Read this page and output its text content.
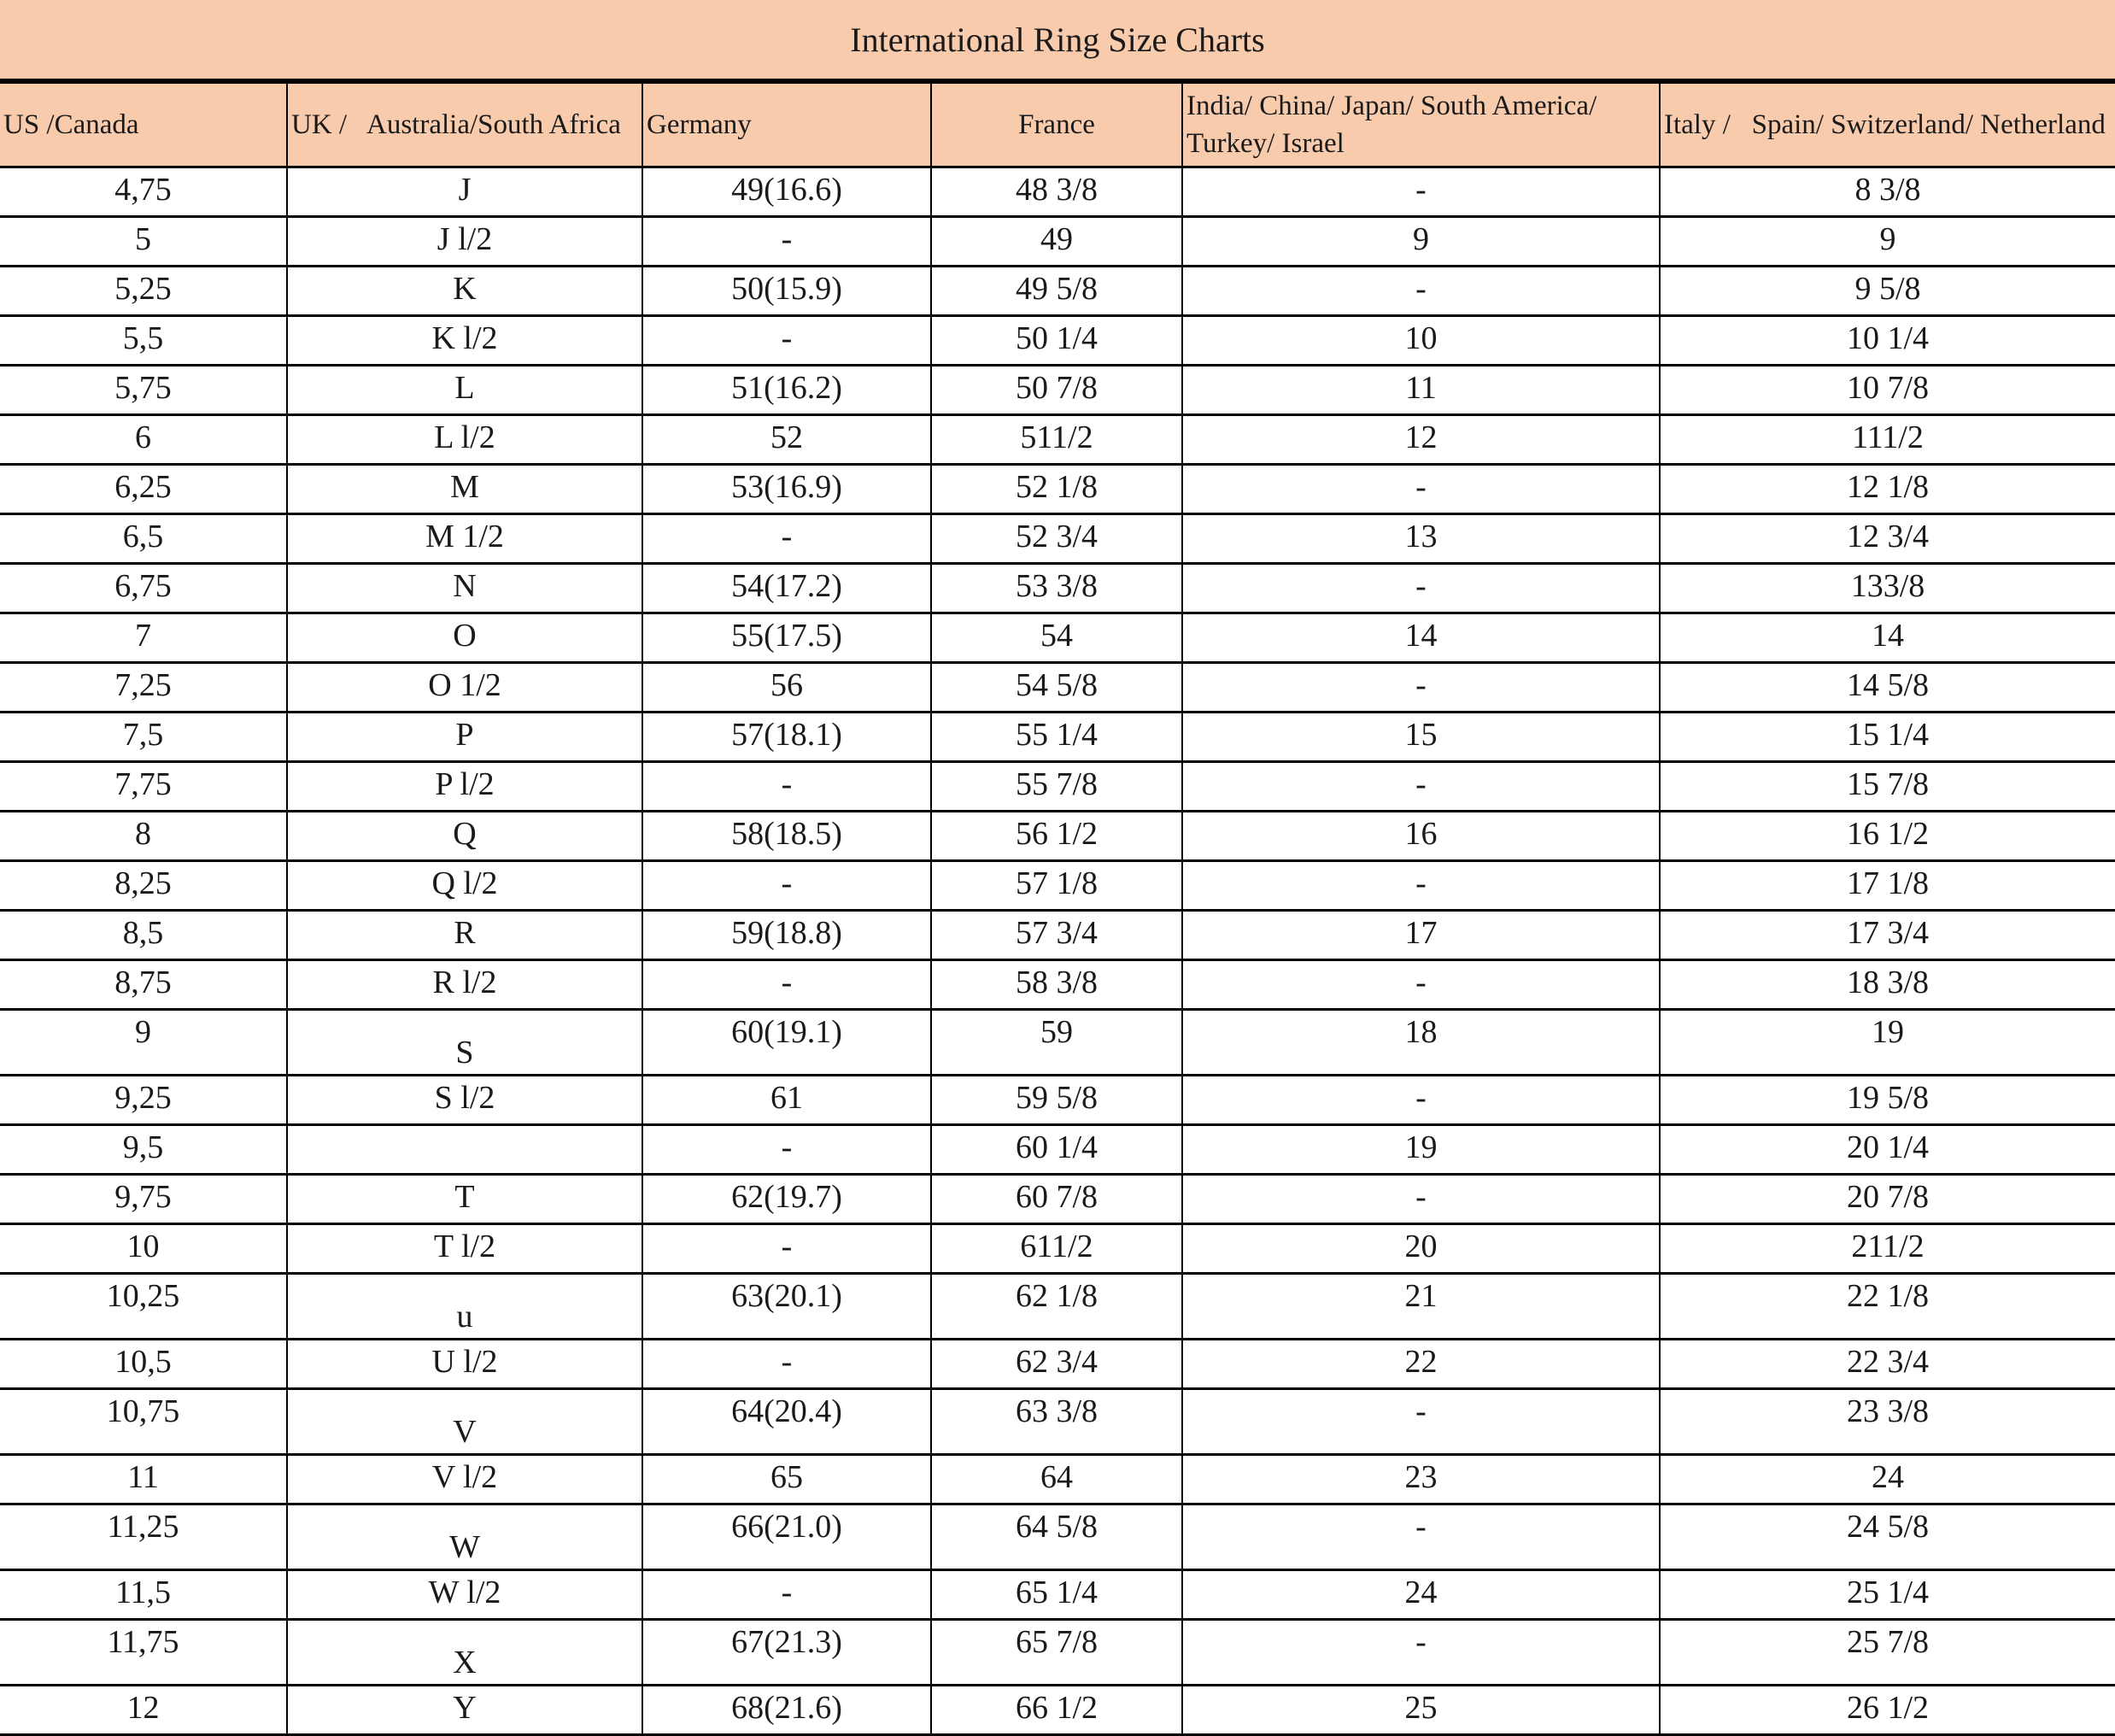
International Ring Size Charts
US /Canada	UK /   Australia/South Africa	Germany	France	India/ China/ Japan/ South America/ Turkey/ Israel	Italy /   Spain/ Switzerland/ Netherland
4,75	J	49(16.6)	48 3/8	-	8 3/8
5	J l/2	-	49	9	9
5,25	K	50(15.9)	49 5/8	-	9 5/8
5,5	K l/2	-	50 1/4	10	10 1/4
5,75	L	51(16.2)	50 7/8	11	10 7/8
6	L l/2	52	511/2	12	111/2
6,25	M	53(16.9)	52 1/8	-	12 1/8
6,5	M 1/2	-	52 3/4	13	12 3/4
6,75	N	54(17.2)	53 3/8	-	133/8
7	O	55(17.5)	54	14	14
7,25	O 1/2	56	54 5/8	-	14 5/8
7,5	P	57(18.1)	55 1/4	15	15 1/4
7,75	P l/2	-	55 7/8	-	15 7/8
8	Q	58(18.5)	56 1/2	16	16 1/2
8,25	Q l/2	-	57 1/8	-	17 1/8
8,5	R	59(18.8)	57 3/4	17	17 3/4
8,75	R l/2	-	58 3/8	-	18 3/8
9	S	60(19.1)	59	18	19
9,25	S l/2	61	59 5/8	-	19 5/8
9,5		-	60 1/4	19	20 1/4
9,75	T	62(19.7)	60 7/8	-	20 7/8
10	T l/2	-	611/2	20	211/2
10,25	u	63(20.1)	62 1/8	21	22 1/8
10,5	U l/2	-	62 3/4	22	22 3/4
10,75	V	64(20.4)	63 3/8	-	23 3/8
11	V l/2	65	64	23	24
11,25	W	66(21.0)	64 5/8	-	24 5/8
11,5	W l/2	-	65 1/4	24	25 1/4
11,75	X	67(21.3)	65 7/8	-	25 7/8
12	Y	68(21.6)	66 1/2	25	26 1/2
